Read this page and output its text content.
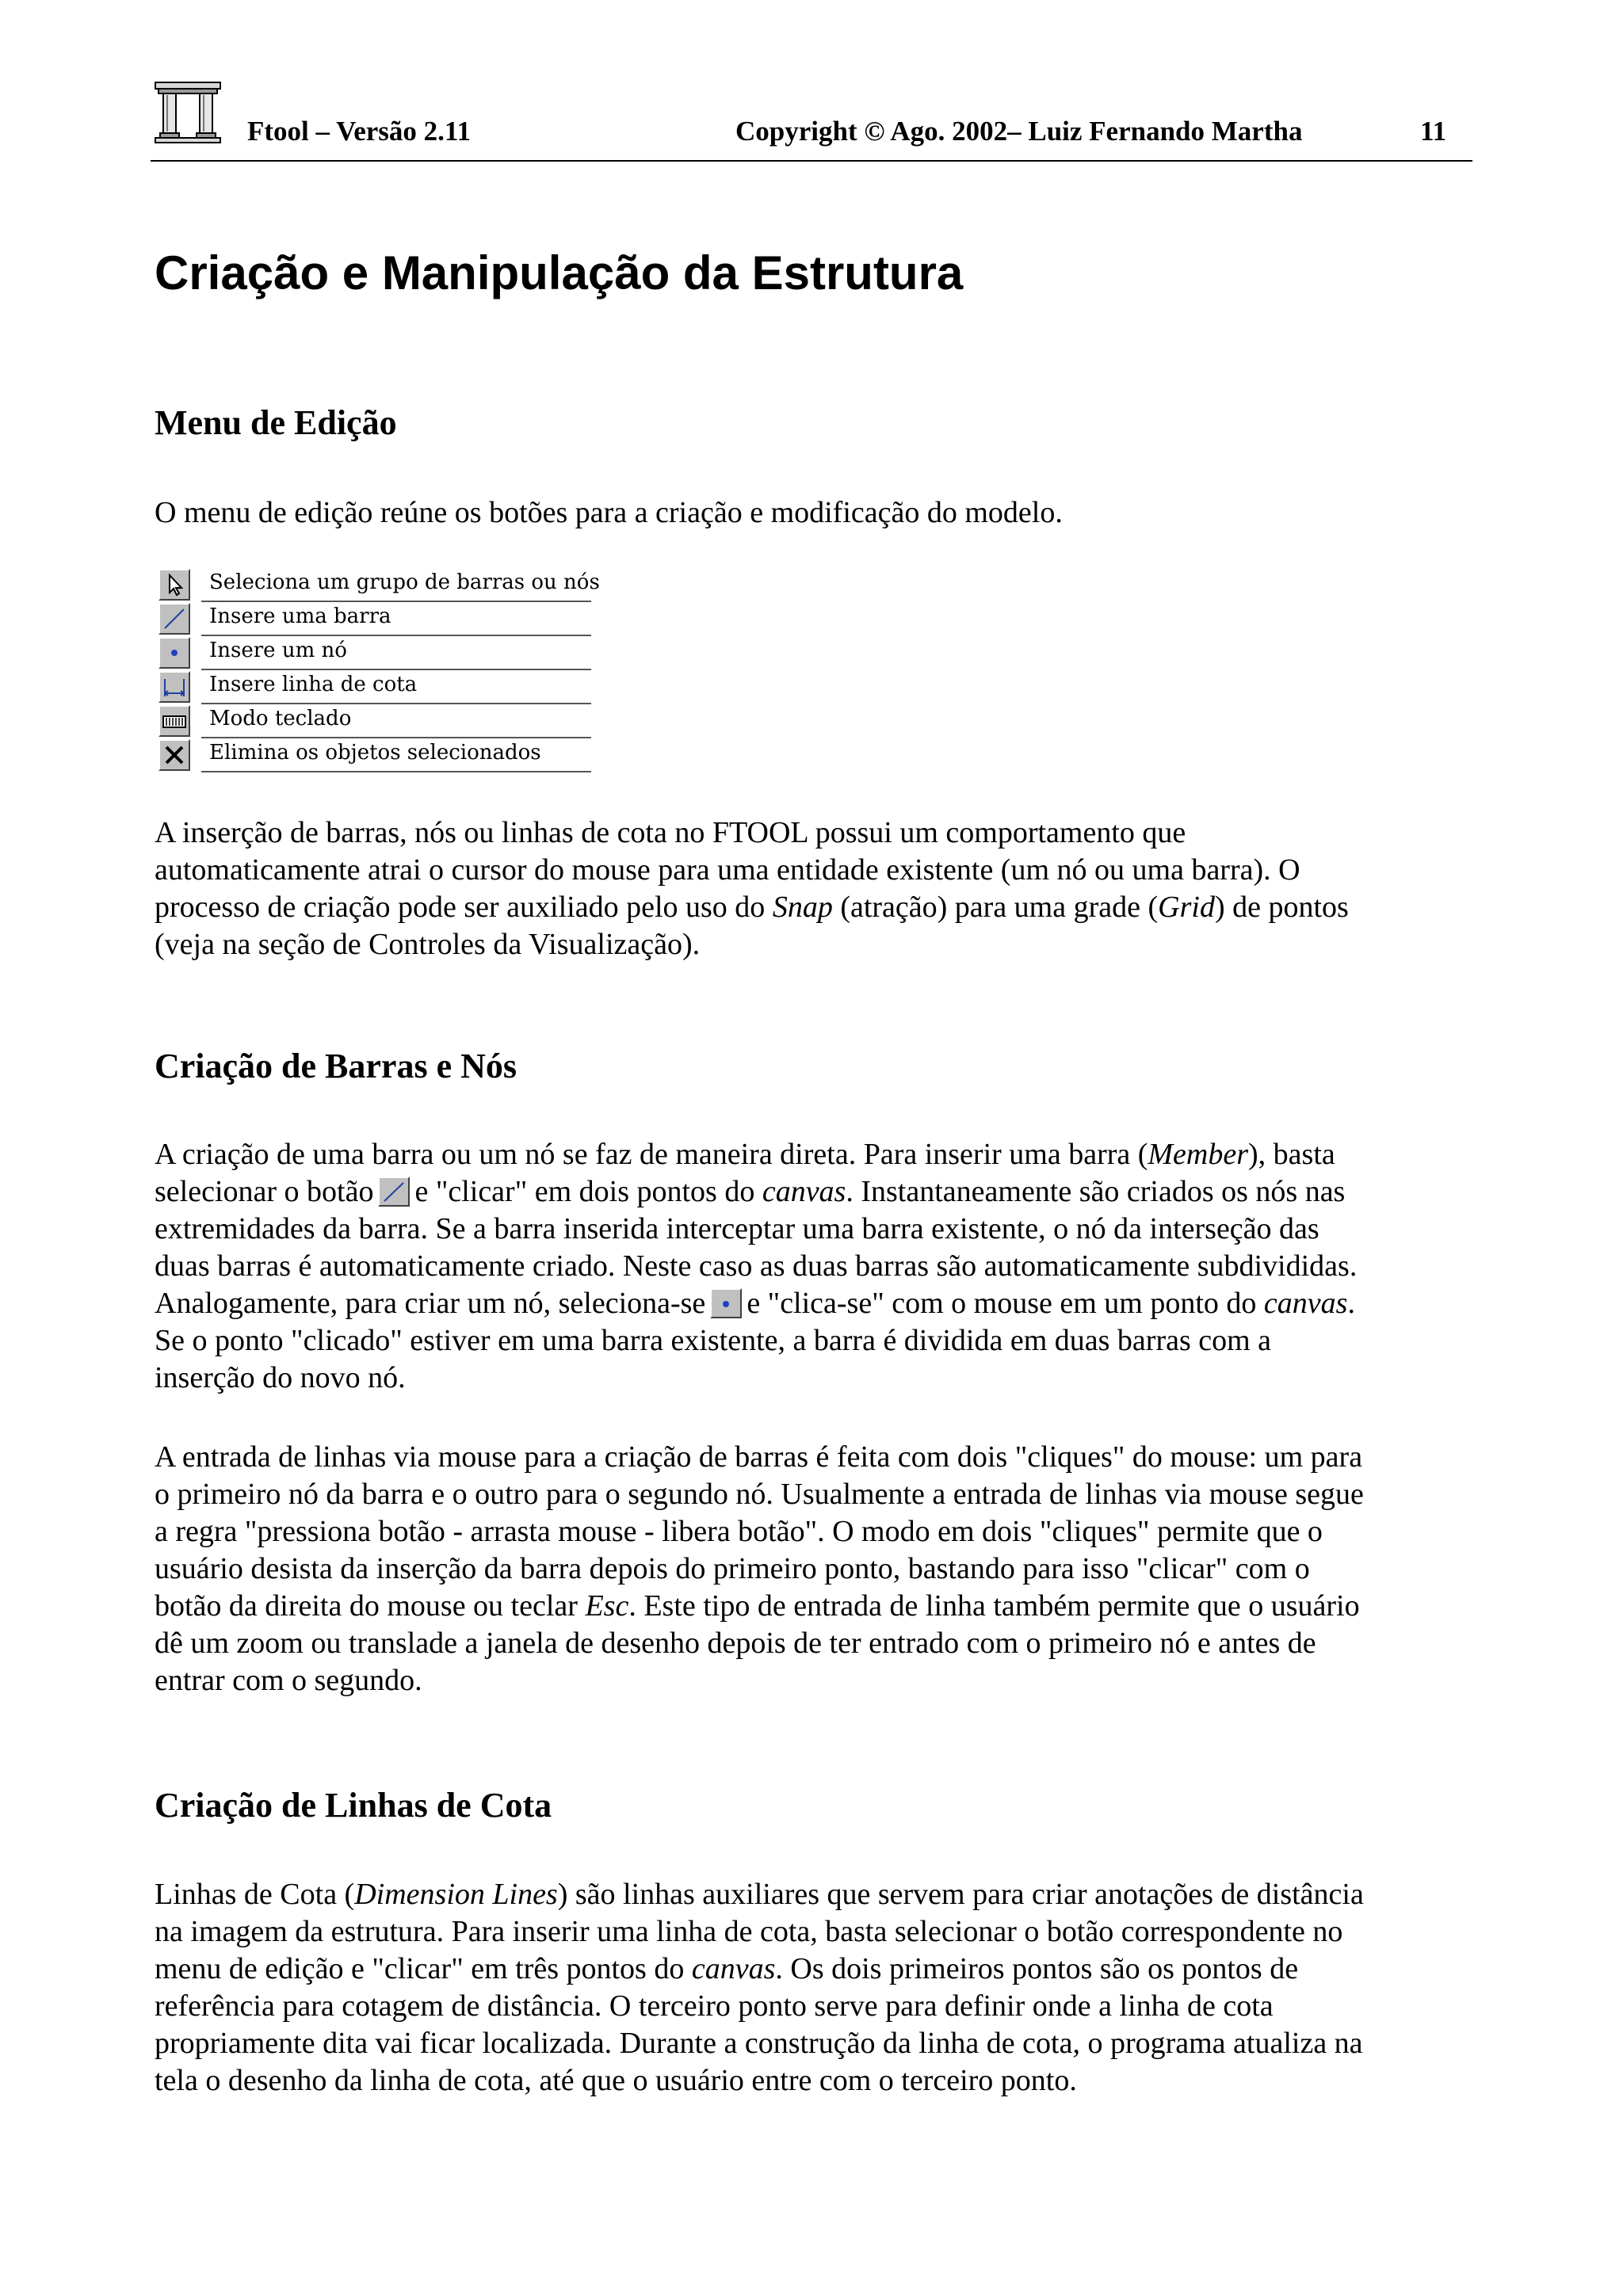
Ftool – Versão 2.11	Copyright © Ago. 2002– Luiz Fernando Martha	11
Criação e Manipulação da Estrutura
Menu de Edição
O menu de edição reúne os botões para a criação e modificação do modelo.
Seleciona um grupo de barras ou nós
Insere uma barra
Insere um nó
Insere linha de cota
Modo teclado
Elimina os objetos selecionados
A inserção de barras, nós ou linhas de cota no FTOOL possui um comportamento que
automaticamente atrai o cursor do mouse para uma entidade existente (um nó ou uma barra). O
processo de criação pode ser auxiliado pelo uso do Snap (atração) para uma grade (Grid) de pontos
(veja na seção de Controles da Visualização).
Criação de Barras e Nós
A criação de uma barra ou um nó se faz de maneira direta. Para inserir uma barra (Member), basta
selecionar o botão e "clicar" em dois pontos do canvas. Instantaneamente são criados os nós nas
extremidades da barra. Se a barra inserida interceptar uma barra existente, o nó da interseção das
duas barras é automaticamente criado. Neste caso as duas barras são automaticamente subdivididas.
Analogamente, para criar um nó, seleciona-se e "clica-se" com o mouse em um ponto do canvas.
Se o ponto "clicado" estiver em uma barra existente, a barra é dividida em duas barras com a
inserção do novo nó.
A entrada de linhas via mouse para a criação de barras é feita com dois "cliques" do mouse: um para
o primeiro nó da barra e o outro para o segundo nó. Usualmente a entrada de linhas via mouse segue
a regra "pressiona botão - arrasta mouse - libera botão". O modo em dois "cliques" permite que o
usuário desista da inserção da barra depois do primeiro ponto, bastando para isso "clicar" com o
botão da direita do mouse ou teclar Esc. Este tipo de entrada de linha também permite que o usuário
dê um zoom ou translade a janela de desenho depois de ter entrado com o primeiro nó e antes de
entrar com o segundo.
Criação de Linhas de Cota
Linhas de Cota (Dimension Lines) são linhas auxiliares que servem para criar anotações de distância
na imagem da estrutura. Para inserir uma linha de cota, basta selecionar o botão correspondente no
menu de edição e "clicar" em três pontos do canvas. Os dois primeiros pontos são os pontos de
referência para cotagem de distância. O terceiro ponto serve para definir onde a linha de cota
propriamente dita vai ficar localizada. Durante a construção da linha de cota, o programa atualiza na
tela o desenho da linha de cota, até que o usuário entre com o terceiro ponto.
